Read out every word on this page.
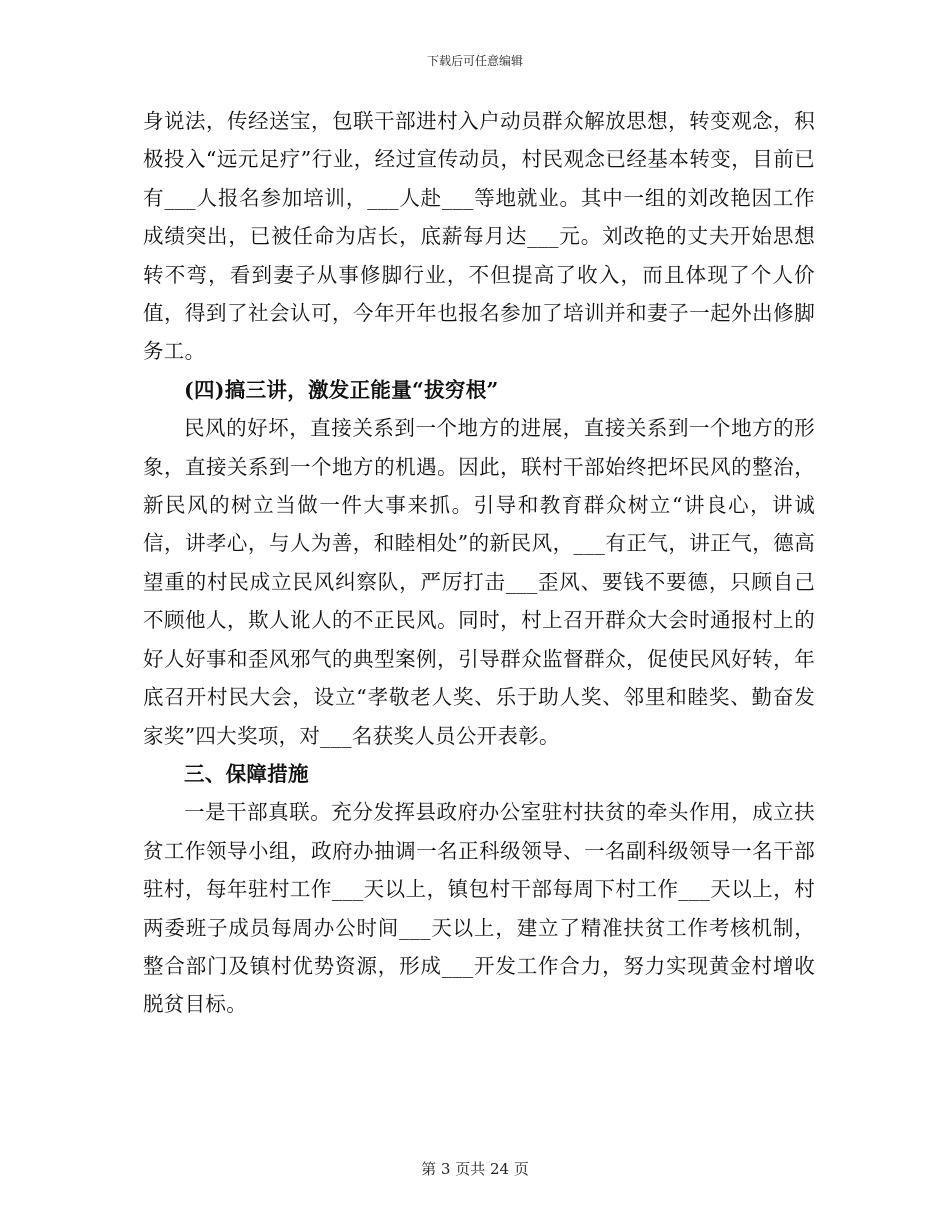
下载后可任意编辑

身说法，传经送宝，包联干部进村入户动员群众解放思想，转变观念，积极投入“远元足疗”行业，经过宣传动员，村民观念已经基本转变，目前已有___人报名参加培训，___人赴___等地就业。其中一组的刘改艳因工作成绩突出，已被任命为店长，底薪每月达___元。刘改艳的丈夫开始思想转不弯，看到妻子从事修脚行业，不但提高了收入，而且体现了个人价值，得到了社会认可，今年开年也报名参加了培训并和妻子一起外出修脚务工。

(四)搞三讲，激发正能量“拔穷根”

民风的好坏，直接关系到一个地方的进展，直接关系到一个地方的形象，直接关系到一个地方的机遇。因此，联村干部始终把坏民风的整治，新民风的树立当做一件大事来抓。引导和教育群众树立“讲良心，讲诚信，讲孝心，与人为善，和睦相处”的新民风，___有正气，讲正气，德高望重的村民成立民风纠察队，严厉打击___歪风、要钱不要德，只顾自己不顾他人，欺人讹人的不正民风。同时，村上召开群众大会时通报村上的好人好事和歪风邪气的典型案例，引导群众监督群众，促使民风好转，年底召开村民大会，设立“孝敬老人奖、乐于助人奖、邻里和睦奖、勤奋发家奖”四大奖项，对___名获奖人员公开表彰。

三、保障措施

一是干部真联。充分发挥县政府办公室驻村扶贫的牵头作用，成立扶贫工作领导小组，政府办抽调一名正科级领导、一名副科级领导一名干部驻村，每年驻村工作___天以上，镇包村干部每周下村工作___天以上，村两委班子成员每周办公时间___天以上，建立了精准扶贫工作考核机制，整合部门及镇村优势资源，形成___开发工作合力，努力实现黄金村增收脱贫目标。

第 3 页共 24 页
